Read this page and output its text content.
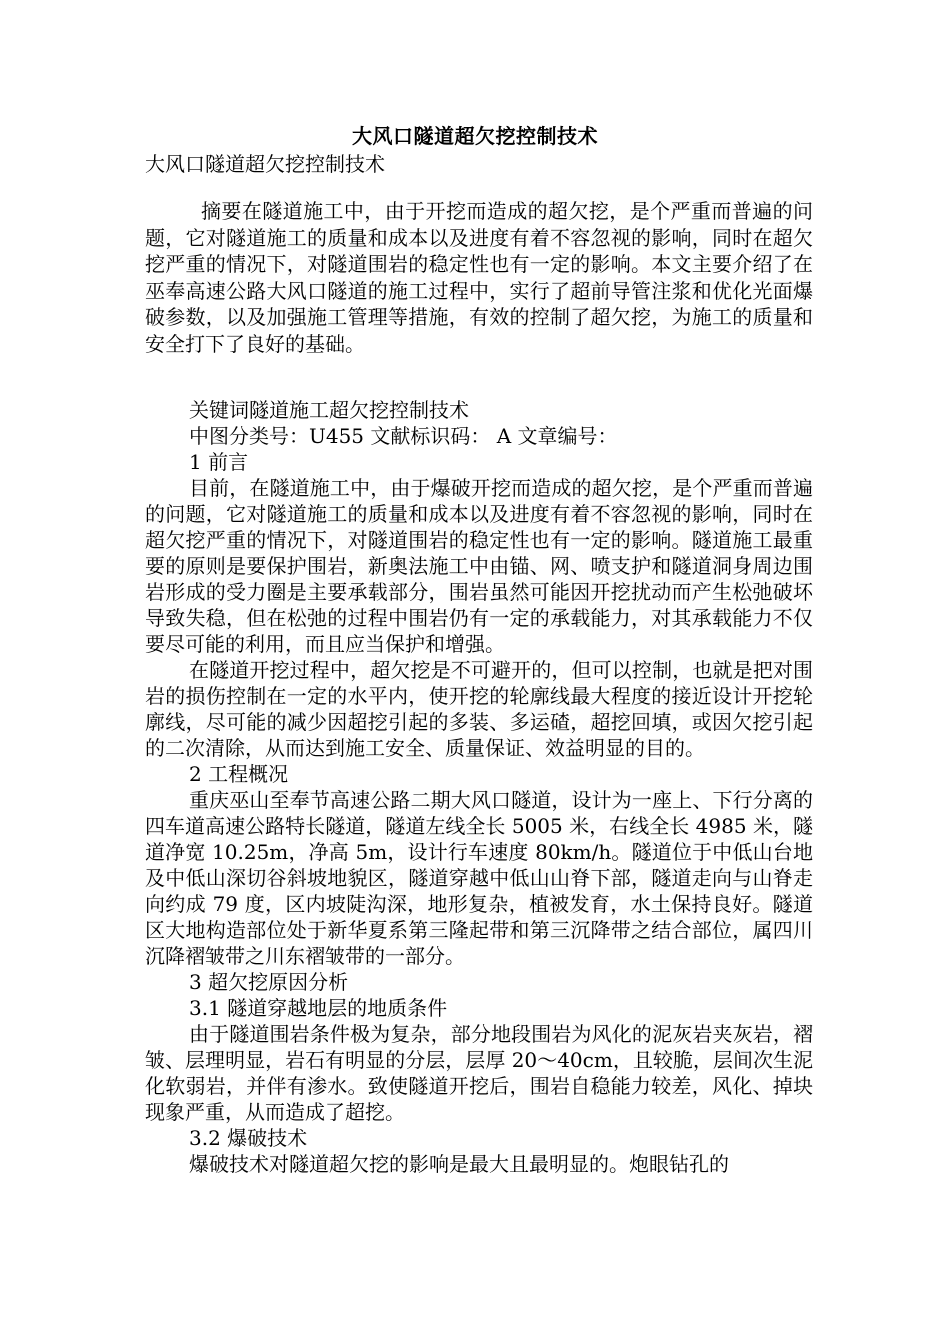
大风口隧道超欠挖控制技术
大风口隧道超欠挖控制技术
摘要在隧道施工中，由于开挖而造成的超欠挖，是个严重而普遍的问题，它对隧道施工的质量和成本以及进度有着不容忽视的影响，同时在超欠挖严重的情况下，对隧道围岩的稳定性也有一定的影响。本文主要介绍了在巫奉高速公路大风口隧道的施工过程中，实行了超前导管注浆和优化光面爆破参数，以及加强施工管理等措施，有效的控制了超欠挖，为施工的质量和安全打下了良好的基础。

关键词隧道施工超欠挖控制技术

中图分类号：U455 文献标识码： A 文章编号：

1 前言

目前，在隧道施工中，由于爆破开挖而造成的超欠挖，是个严重而普遍的问题，它对隧道施工的质量和成本以及进度有着不容忽视的影响，同时在超欠挖严重的情况下，对隧道围岩的稳定性也有一定的影响。隧道施工最重要的原则是要保护围岩，新奥法施工中由锚、网、喷支护和隧道洞身周边围岩形成的受力圈是主要承载部分，围岩虽然可能因开挖扰动而产生松弛破坏导致失稳，但在松弛的过程中围岩仍有一定的承载能力，对其承载能力不仅要尽可能的利用，而且应当保护和增强。

在隧道开挖过程中，超欠挖是不可避开的，但可以控制，也就是把对围岩的损伤控制在一定的水平内，使开挖的轮廓线最大程度的接近设计开挖轮廓线，尽可能的减少因超挖引起的多装、多运碴，超挖回填，或因欠挖引起的二次清除，从而达到施工安全、质量保证、效益明显的目的。

2 工程概况

重庆巫山至奉节高速公路二期大风口隧道，设计为一座上、下行分离的四车道高速公路特长隧道，隧道左线全长 5005 米，右线全长 4985 米，隧道净宽 10.25m，净高 5m，设计行车速度 80km/h。隧道位于中低山台地及中低山深切谷斜坡地貌区，隧道穿越中低山山脊下部，隧道走向与山脊走向约成 79 度，区内坡陡沟深，地形复杂，植被发育，水土保持良好。隧道区大地构造部位处于新华夏系第三隆起带和第三沉降带之结合部位，属四川沉降褶皱带之川东褶皱带的一部分。

3 超欠挖原因分析

3.1 隧道穿越地层的地质条件

由于隧道围岩条件极为复杂，部分地段围岩为风化的泥灰岩夹灰岩，褶皱、层理明显，岩石有明显的分层，层厚 20～40cm，且较脆，层间次生泥化软弱岩，并伴有渗水。致使隧道开挖后，围岩自稳能力较差，风化、掉块现象严重，从而造成了超挖。

3.2 爆破技术

爆破技术对隧道超欠挖的影响是最大且最明显的。炮眼钻孔的
